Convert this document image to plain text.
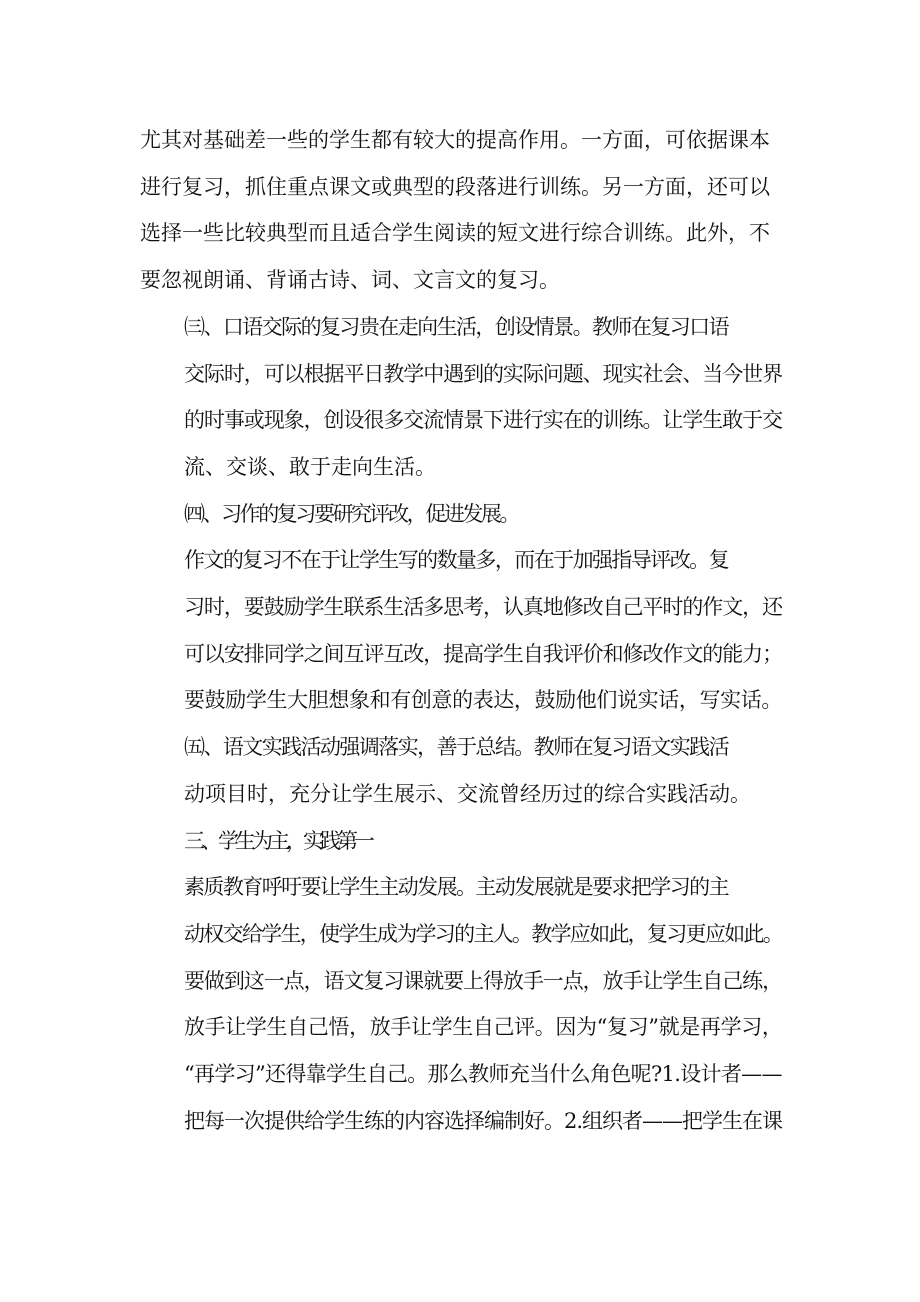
尤其对基础差一些的学生都有较大的提高作用。一方面，可依据课本
进行复习，抓住重点课文或典型的段落进行训练。另一方面，还可以
选择一些比较典型而且适合学生阅读的短文进行综合训练。此外，不
要忽视朗诵、背诵古诗、词、文言文的复习。

㈢、口语交际的复习贵在走向生活，创设情景。教师在复习口语
交际时，可以根据平日教学中遇到的实际问题、现实社会、当今世界
的时事或现象，创设很多交流情景下进行实在的训练。让学生敢于交
流、交谈、敢于走向生活。

㈣、习作的复习要研究评改，促进发展。

作文的复习不在于让学生写的数量多，而在于加强指导评改。复
习时，要鼓励学生联系生活多思考，认真地修改自己平时的作文，还
可以安排同学之间互评互改，提高学生自我评价和修改作文的能力；
要鼓励学生大胆想象和有创意的表达，鼓励他们说实话，写实话。

㈤、语文实践活动强调落实，善于总结。教师在复习语文实践活
动项目时，充分让学生展示、交流曾经历过的综合实践活动。

三、学生为主，实践第一

素质教育呼吁要让学生主动发展。主动发展就是要求把学习的主
动权交给学生，使学生成为学习的主人。教学应如此，复习更应如此。
要做到这一点，语文复习课就要上得放手一点，放手让学生自己练，
放手让学生自己悟，放手让学生自己评。因为“复习”就是再学习，
“再学习”还得靠学生自己。那么教师充当什么角色呢?1.设计者——
把每一次提供给学生练的内容选择编制好。2.组织者——把学生在课
